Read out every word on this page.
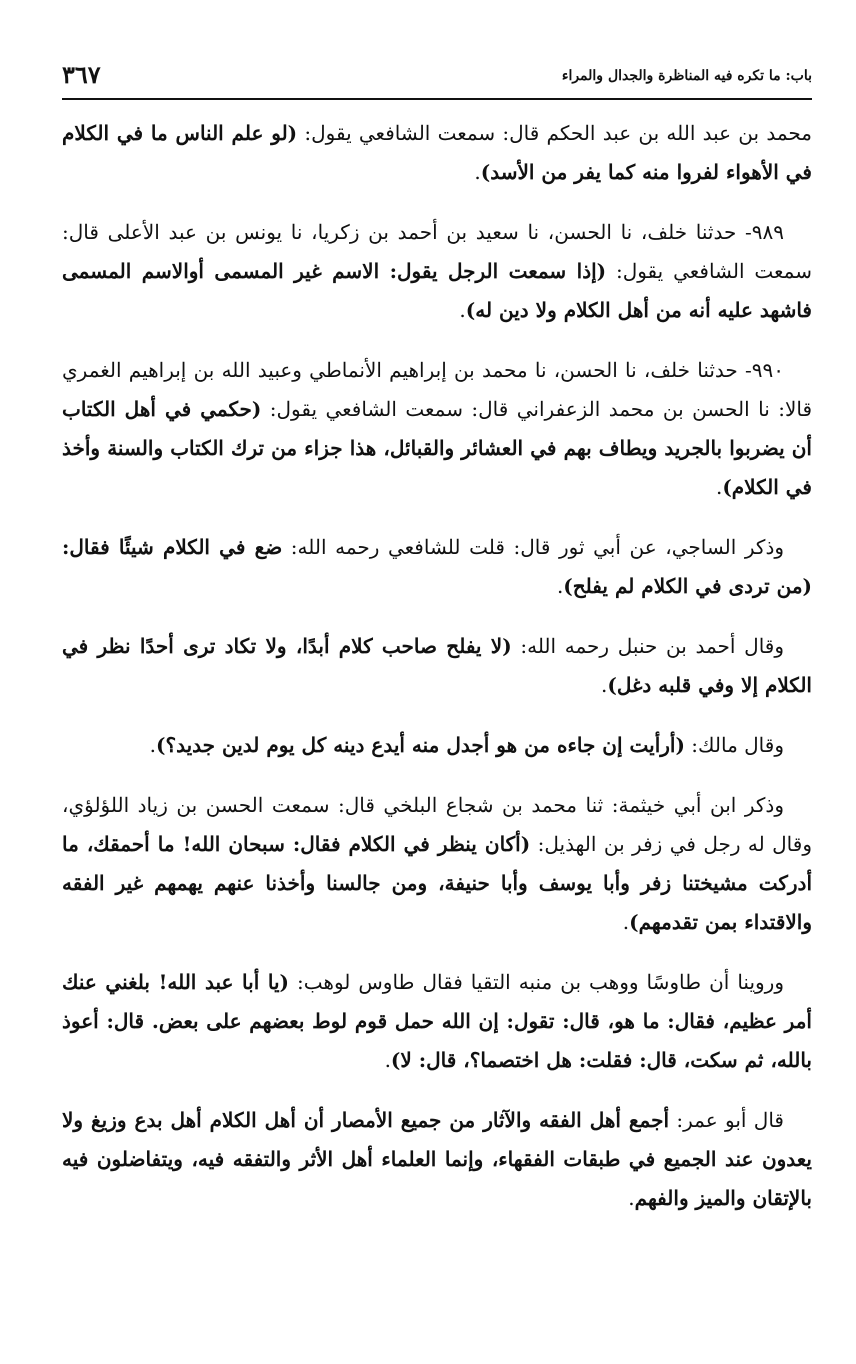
باب: ما تكره فيه المناظرة والجدال والمراء
٣٦٧

محمد بن عبد الله بن عبد الحكم قال: سمعت الشافعي يقول: (لو علم الناس ما في الكلام في الأهواء لفروا منه كما يفر من الأسد).

٩٨٩- حدثنا خلف، نا الحسن، نا سعيد بن أحمد بن زكريا، نا يونس بن عبد الأعلى قال: سمعت الشافعي يقول: (إذا سمعت الرجل يقول: الاسم غير المسمى أوالاسم المسمى فاشهد عليه أنه من أهل الكلام ولا دين له).

٩٩٠- حدثنا خلف، نا الحسن، نا محمد بن إبراهيم الأنماطي وعبيد الله بن إبراهيم الغمري قالا: نا الحسن بن محمد الزعفراني قال: سمعت الشافعي يقول: (حكمي في أهل الكتاب أن يضربوا بالجريد ويطاف بهم في العشائر والقبائل، هذا جزاء من ترك الكتاب والسنة وأخذ في الكلام).

وذكر الساجي، عن أبي ثور قال: قلت للشافعي رحمه الله: ضع في الكلام شيئًا فقال: (من تردى في الكلام لم يفلح).

وقال أحمد بن حنبل رحمه الله: (لا يفلح صاحب كلام أبدًا، ولا تكاد ترى أحدًا نظر في الكلام إلا وفي قلبه دغل).

وقال مالك: (أرأيت إن جاءه من هو أجدل منه أيدع دينه كل يوم لدين جديد؟).

وذكر ابن أبي خيثمة: ثنا محمد بن شجاع البلخي قال: سمعت الحسن بن زياد اللؤلؤي، وقال له رجل في زفر بن الهذيل: (أكان ينظر في الكلام فقال: سبحان الله! ما أحمقك، ما أدركت مشيختنا زفر وأبا يوسف وأبا حنيفة، ومن جالسنا وأخذنا عنهم يهمهم غير الفقه والاقتداء بمن تقدمهم).

وروينا أن طاوسًا ووهب بن منبه التقيا فقال طاوس لوهب: (يا أبا عبد الله! بلغني عنك أمر عظيم، فقال: ما هو، قال: تقول: إن الله حمل قوم لوط بعضهم على بعض. قال: أعوذ بالله، ثم سكت، قال: فقلت: هل اختصما؟، قال: لا).

قال أبو عمر: أجمع أهل الفقه والآثار من جميع الأمصار أن أهل الكلام أهل بدع وزيغ ولا يعدون عند الجميع في طبقات الفقهاء، وإنما العلماء أهل الأثر والتفقه فيه، ويتفاضلون فيه بالإتقان والميز والفهم.
